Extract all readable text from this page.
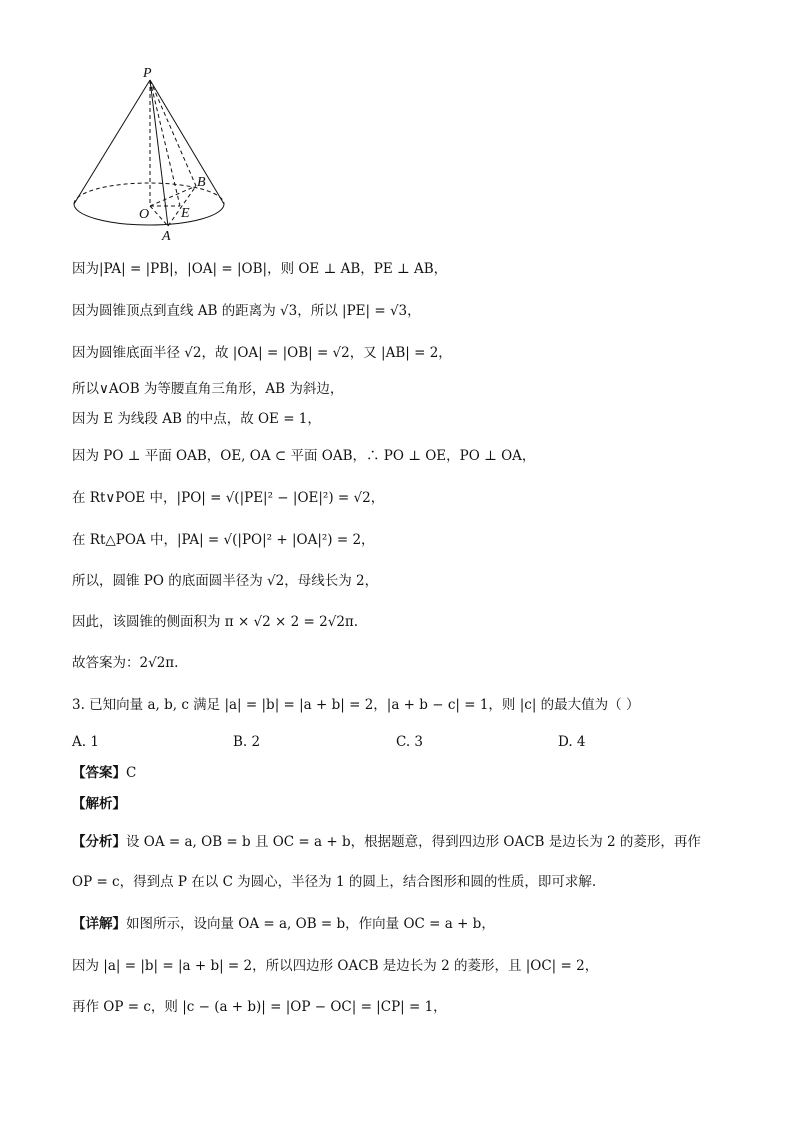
P
B
O E
A
因为|PA| = |PB|，|OA| = |OB|，则 OE ⊥ AB，PE ⊥ AB，
因为圆锥顶点到直线 AB 的距离为 √3，所以 |PE| = √3，
因为圆锥底面半径 √2，故 |OA| = |OB| = √2，又 |AB| = 2，
所以∨AOB 为等腰直角三角形，AB 为斜边，
因为 E 为线段 AB 的中点，故 OE = 1，
因为 PO ⊥ 平面 OAB，OE, OA ⊂ 平面 OAB，∴ PO ⊥ OE，PO ⊥ OA，
在 Rt∨POE 中，|PO| = √(|PE|² − |OE|²) = √2，
在 Rt△POA 中，|PA| = √(|PO|² + |OA|²) = 2，
所以，圆锥 PO 的底面圆半径为 √2，母线长为 2，
因此，该圆锥的侧面积为 π × √2 × 2 = 2√2π.
故答案为：2√2π.
3. 已知向量 a, b, c 满足 |a| = |b| = |a + b| = 2，|a + b − c| = 1，则 |c| 的最大值为（ ）
A. 1	B. 2	C. 3	D. 4
【答案】C
【解析】
【分析】设 OA = a, OB = b 且 OC = a + b，根据题意，得到四边形 OACB 是边长为 2 的菱形，再作
OP = c，得到点 P 在以 C 为圆心，半径为 1 的圆上，结合图形和圆的性质，即可求解.
【详解】如图所示，设向量 OA = a, OB = b，作向量 OC = a + b，
因为 |a| = |b| = |a + b| = 2，所以四边形 OACB 是边长为 2 的菱形，且 |OC| = 2，
再作 OP = c，则 |c − (a + b)| = |OP − OC| = |CP| = 1，
